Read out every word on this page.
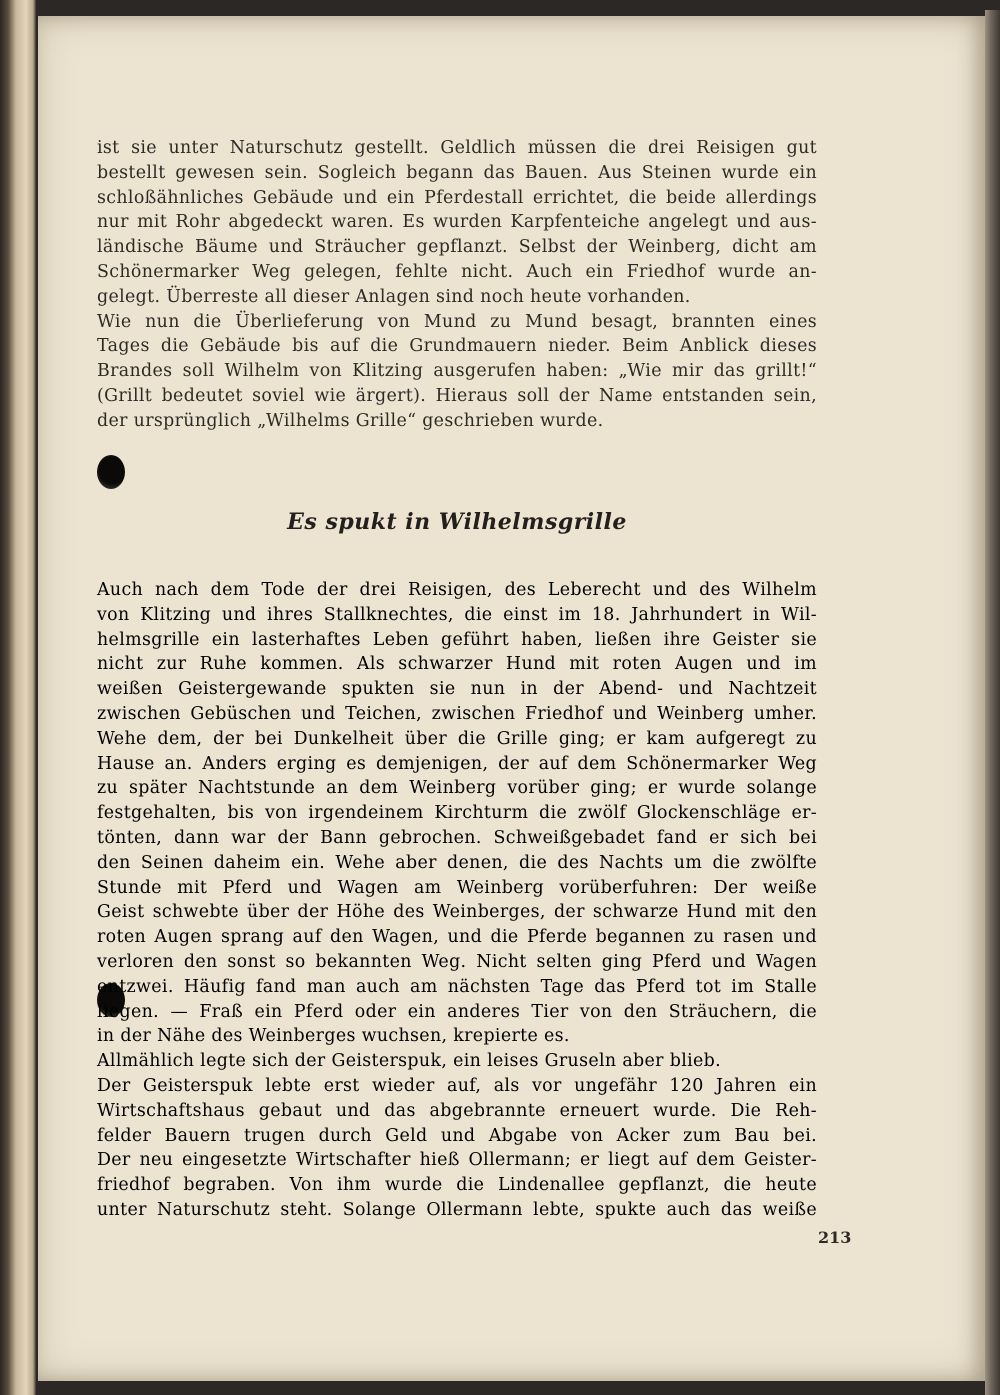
ist sie unter Naturschutz gestellt. Geldlich müssen die drei Reisigen gut
bestellt gewesen sein. Sogleich begann das Bauen. Aus Steinen wurde ein
schloßähnliches Gebäude und ein Pferdestall errichtet, die beide allerdings
nur mit Rohr abgedeckt waren. Es wurden Karpfenteiche angelegt und aus-
ländische Bäume und Sträucher gepflanzt. Selbst der Weinberg, dicht am
Schönermarker Weg gelegen, fehlte nicht. Auch ein Friedhof wurde an-
gelegt. Überreste all dieser Anlagen sind noch heute vorhanden.
Wie nun die Überlieferung von Mund zu Mund besagt, brannten eines
Tages die Gebäude bis auf die Grundmauern nieder. Beim Anblick dieses
Brandes soll Wilhelm von Klitzing ausgerufen haben: „Wie mir das grillt!“
(Grillt bedeutet soviel wie ärgert). Hieraus soll der Name entstanden sein,
der ursprünglich „Wilhelms Grille“ geschrieben wurde.
Es spukt in Wilhelmsgrille
Auch nach dem Tode der drei Reisigen, des Leberecht und des Wilhelm
von Klitzing und ihres Stallknechtes, die einst im 18. Jahrhundert in Wil-
helmsgrille ein lasterhaftes Leben geführt haben, ließen ihre Geister sie
nicht zur Ruhe kommen. Als schwarzer Hund mit roten Augen und im
weißen Geistergewande spukten sie nun in der Abend- und Nachtzeit
zwischen Gebüschen und Teichen, zwischen Friedhof und Weinberg umher.
Wehe dem, der bei Dunkelheit über die Grille ging; er kam aufgeregt zu
Hause an. Anders erging es demjenigen, der auf dem Schönermarker Weg
zu später Nachtstunde an dem Weinberg vorüber ging; er wurde solange
festgehalten, bis von irgendeinem Kirchturm die zwölf Glockenschläge er-
tönten, dann war der Bann gebrochen. Schweißgebadet fand er sich bei
den Seinen daheim ein. Wehe aber denen, die des Nachts um die zwölfte
Stunde mit Pferd und Wagen am Weinberg vorüberfuhren: Der weiße
Geist schwebte über der Höhe des Weinberges, der schwarze Hund mit den
roten Augen sprang auf den Wagen, und die Pferde begannen zu rasen und
verloren den sonst so bekannten Weg. Nicht selten ging Pferd und Wagen
entzwei. Häufig fand man auch am nächsten Tage das Pferd tot im Stalle
liegen. — Fraß ein Pferd oder ein anderes Tier von den Sträuchern, die
in der Nähe des Weinberges wuchsen, krepierte es.
Allmählich legte sich der Geisterspuk, ein leises Gruseln aber blieb.
Der Geisterspuk lebte erst wieder auf, als vor ungefähr 120 Jahren ein
Wirtschaftshaus gebaut und das abgebrannte erneuert wurde. Die Reh-
felder Bauern trugen durch Geld und Abgabe von Acker zum Bau bei.
Der neu eingesetzte Wirtschafter hieß Ollermann; er liegt auf dem Geister-
friedhof begraben. Von ihm wurde die Lindenallee gepflanzt, die heute
unter Naturschutz steht. Solange Ollermann lebte, spukte auch das weiße
213
